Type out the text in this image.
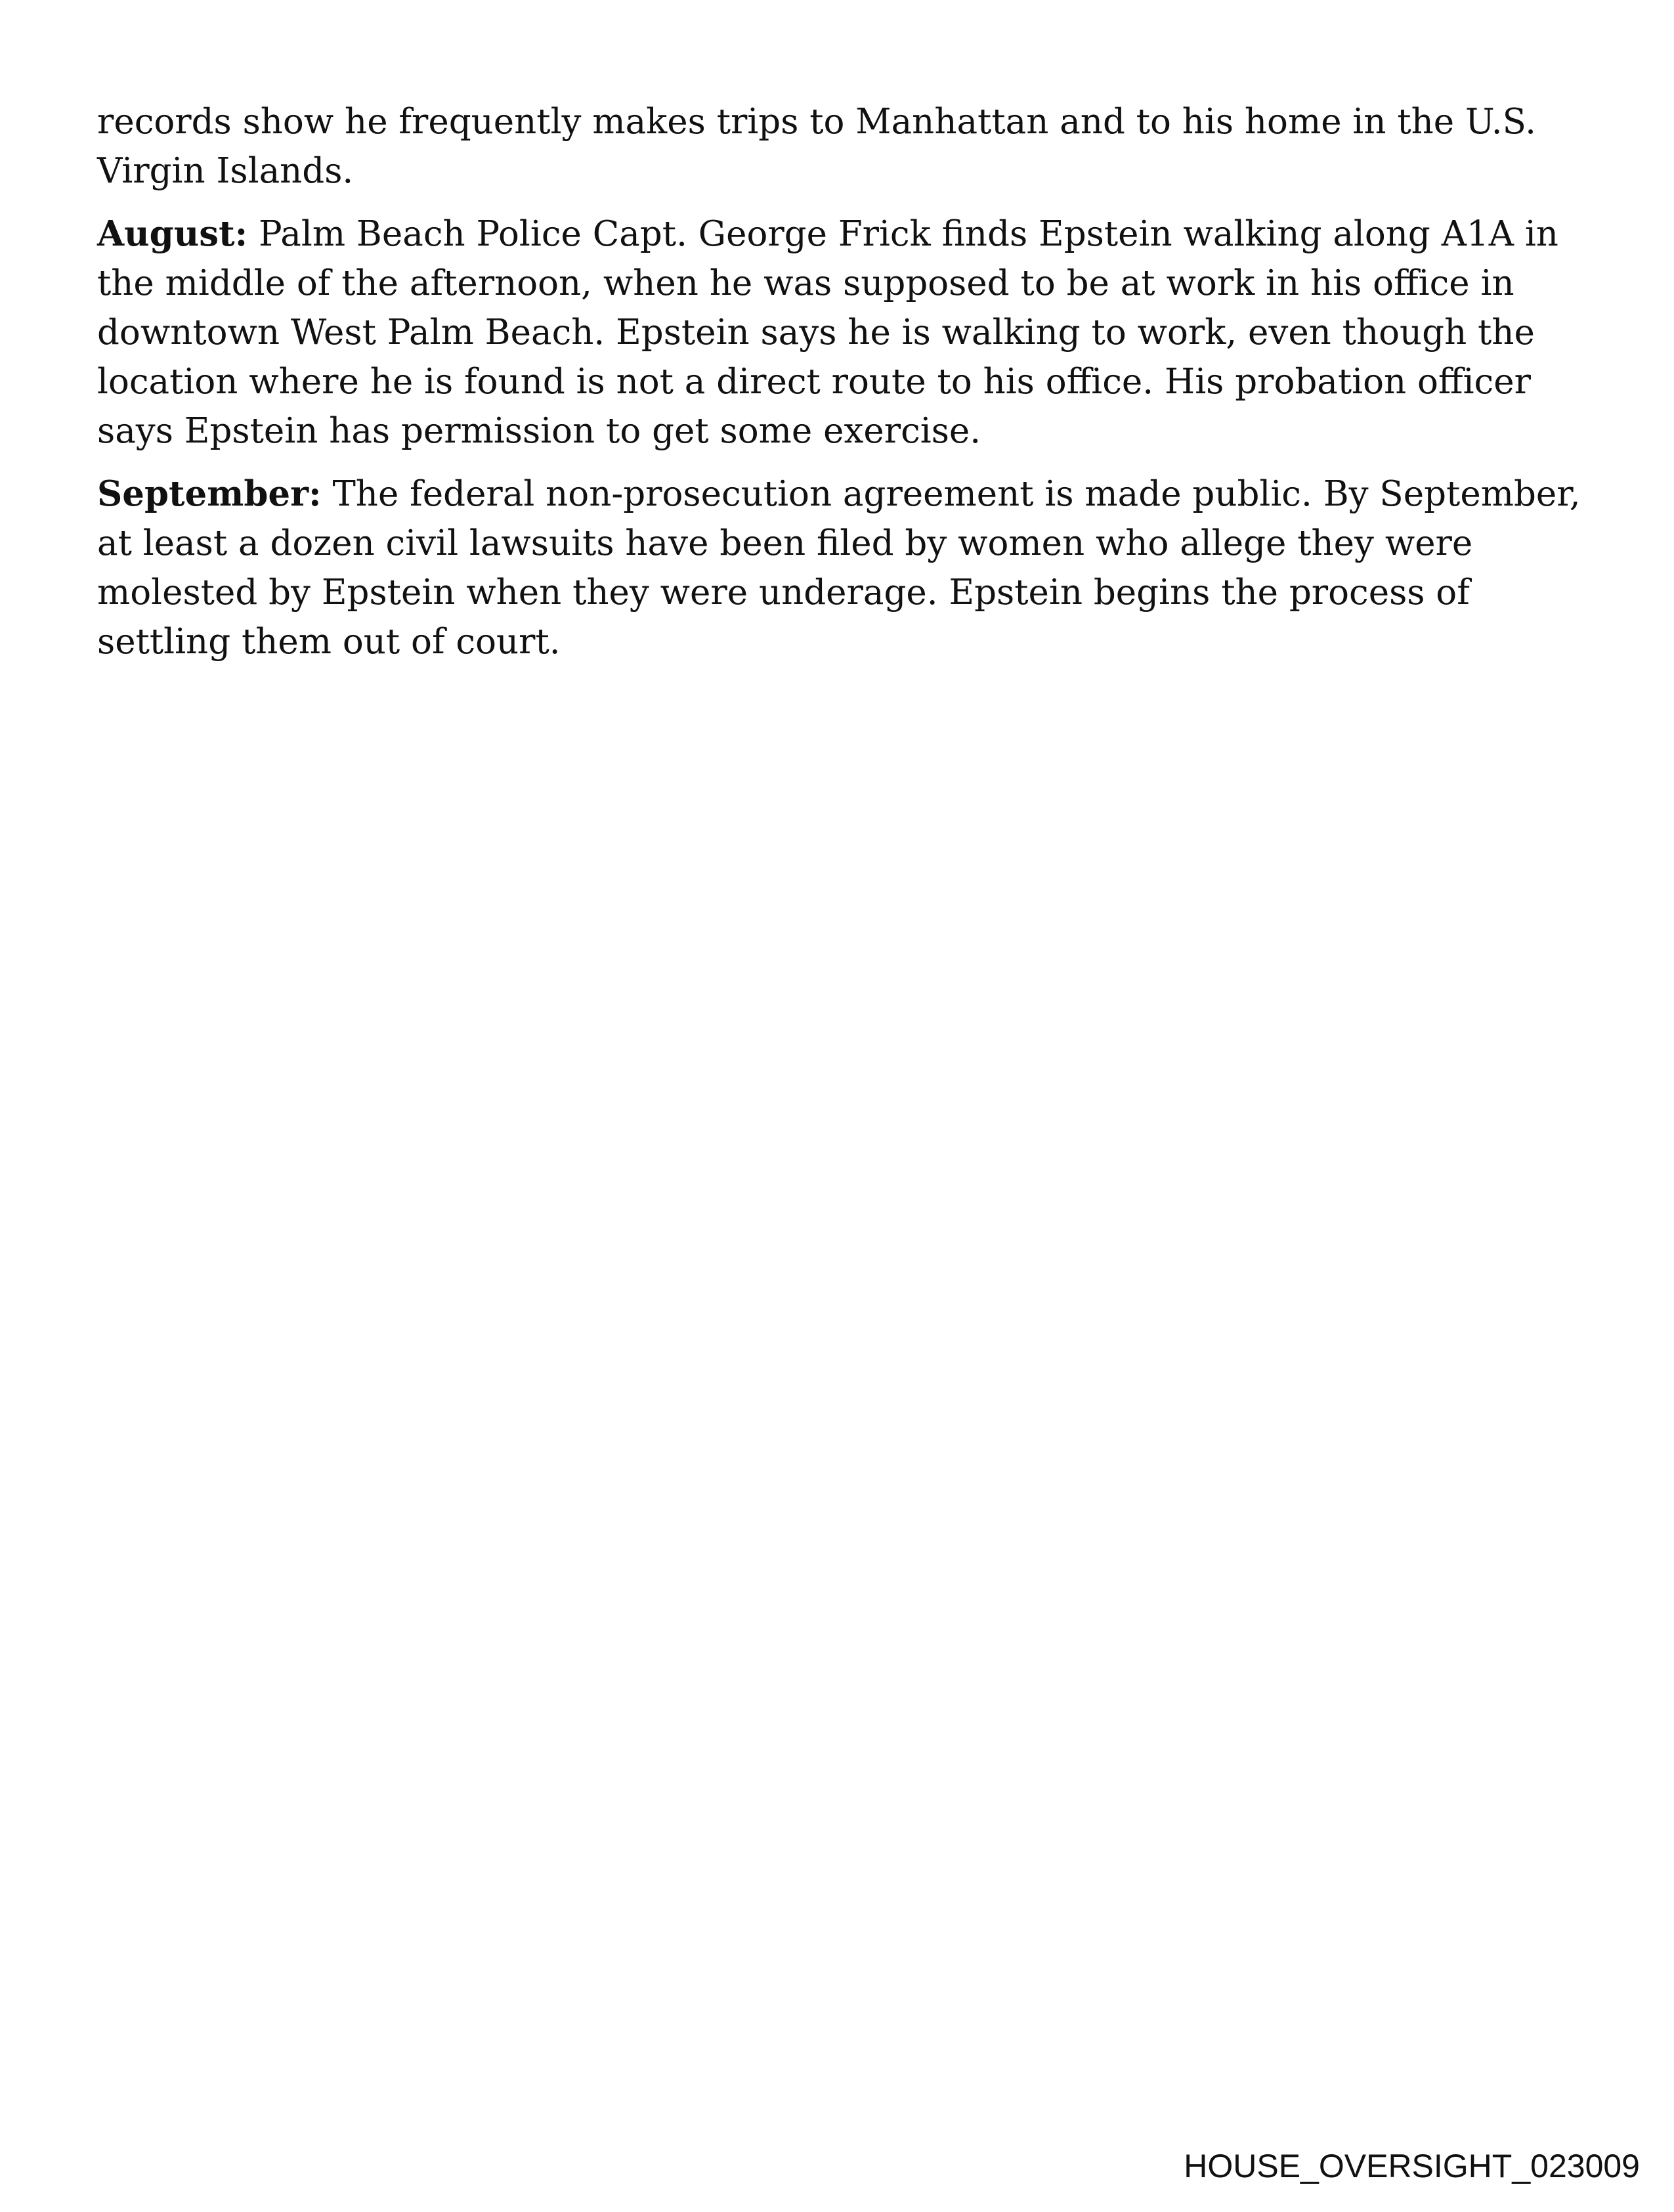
records show he frequently makes trips to Manhattan and to his home in the U.S. Virgin Islands.

August: Palm Beach Police Capt. George Frick finds Epstein walking along A1A in the middle of the afternoon, when he was supposed to be at work in his office in downtown West Palm Beach. Epstein says he is walking to work, even though the location where he is found is not a direct route to his office. His probation officer says Epstein has permission to get some exercise.

September: The federal non-prosecution agreement is made public. By September, at least a dozen civil lawsuits have been filed by women who allege they were molested by Epstein when they were underage. Epstein begins the process of settling them out of court.

HOUSE_OVERSIGHT_023009
